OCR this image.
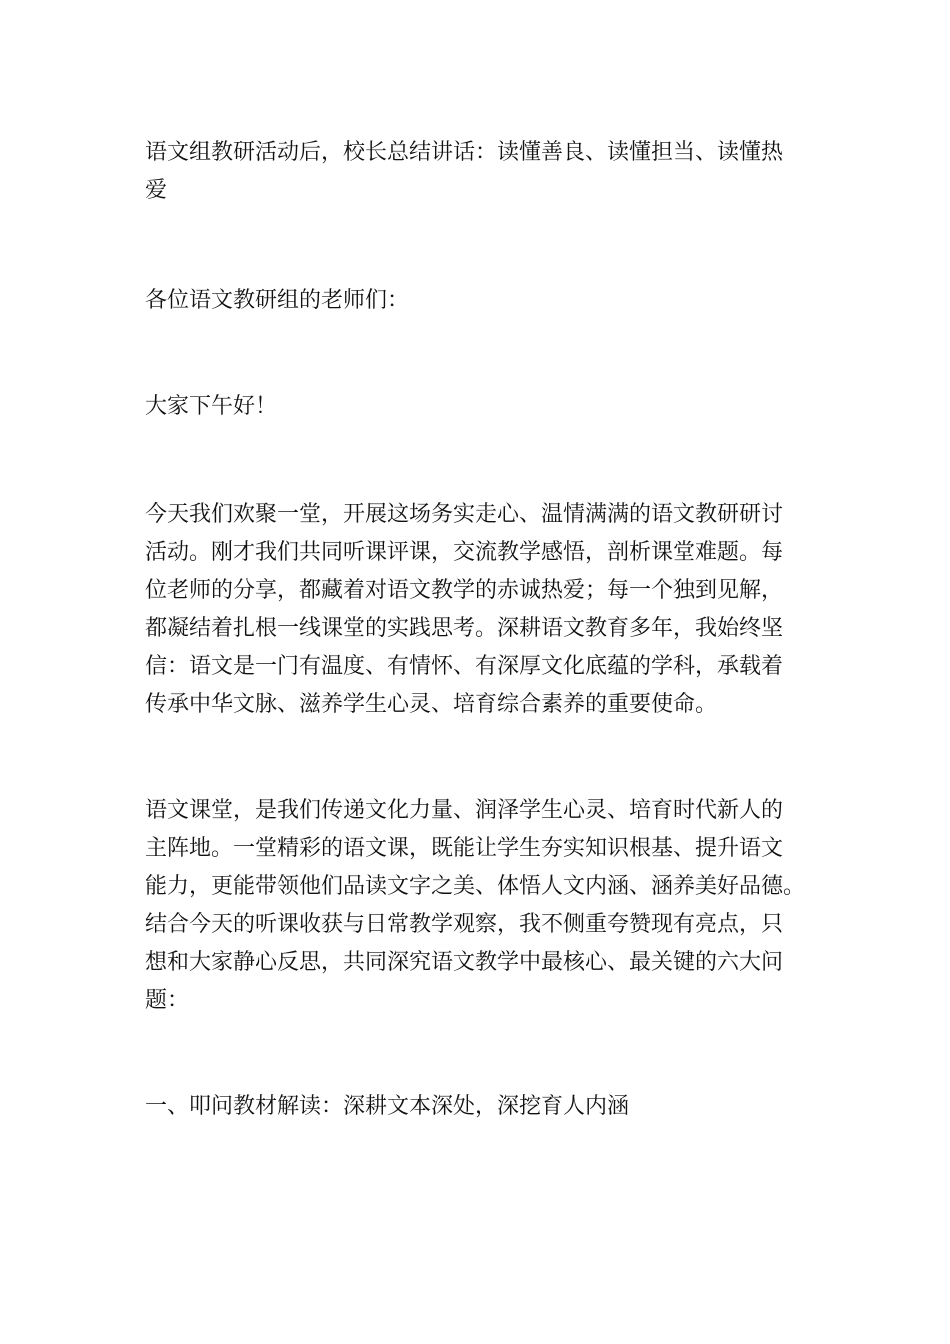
语文组教研活动后，校长总结讲话：读懂善良、读懂担当、读懂热

爱

各位语文教研组的老师们：

大家下午好！

今天我们欢聚一堂，开展这场务实走心、温情满满的语文教研研讨

活动。刚才我们共同听课评课，交流教学感悟，剖析课堂难题。每

位老师的分享，都藏着对语文教学的赤诚热爱；每一个独到见解，

都凝结着扎根一线课堂的实践思考。深耕语文教育多年，我始终坚

信：语文是一门有温度、有情怀、有深厚文化底蕴的学科，承载着

传承中华文脉、滋养学生心灵、培育综合素养的重要使命。

语文课堂，是我们传递文化力量、润泽学生心灵、培育时代新人的

主阵地。一堂精彩的语文课，既能让学生夯实知识根基、提升语文

能力，更能带领他们品读文字之美、体悟人文内涵、涵养美好品德。

结合今天的听课收获与日常教学观察，我不侧重夸赞现有亮点，只

想和大家静心反思，共同深究语文教学中最核心、最关键的六大问

题：

一、叩问教材解读：深耕文本深处，深挖育人内涵
